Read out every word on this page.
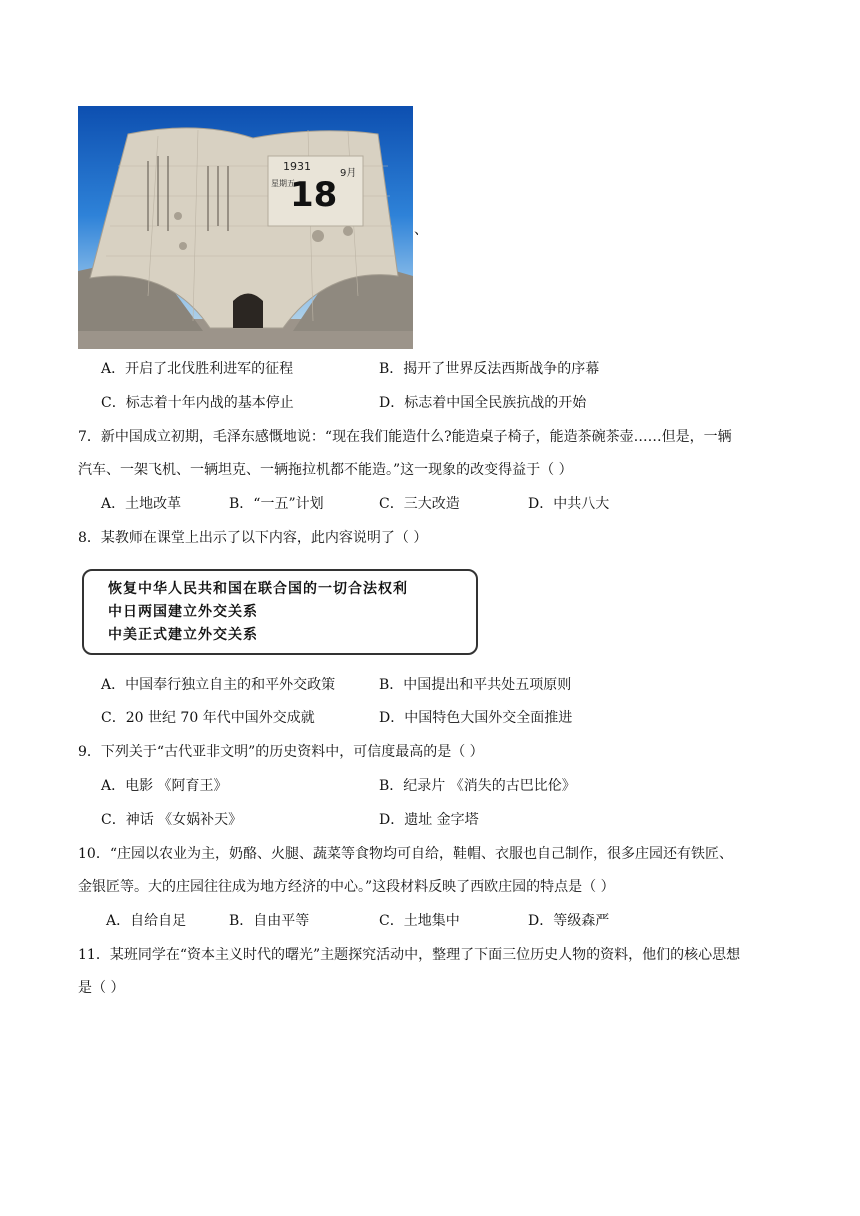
1931
18
9月
星期五
、
A．开启了北伐胜利进军的征程	B．揭开了世界反法西斯战争的序幕
C．标志着十年内战的基本停止	D．标志着中国全民族抗战的开始
7．新中国成立初期，毛泽东感慨地说：“现在我们能造什么?能造桌子椅子，能造茶碗茶壶……但是，一辆
汽车、一架飞机、一辆坦克、一辆拖拉机都不能造。”这一现象的改变得益于（ ）
A．土地改革	B．“一五”计划	C．三大改造	D．中共八大
8．某教师在课堂上出示了以下内容，此内容说明了（ ）
恢复中华人民共和国在联合国的一切合法权利
中日两国建立外交关系
中美正式建立外交关系
A．中国奉行独立自主的和平外交政策	B．中国提出和平共处五项原则
C．20 世纪 70 年代中国外交成就	D．中国特色大国外交全面推进
9．下列关于“古代亚非文明”的历史资料中，可信度最高的是（ ）
A．电影 《阿育王》	B．纪录片 《消失的古巴比伦》
C．神话 《女娲补天》	D．遗址 金字塔
10．“庄园以农业为主，奶酪、火腿、蔬菜等食物均可自给，鞋帽、衣服也自己制作，很多庄园还有铁匠、
金银匠等。大的庄园往往成为地方经济的中心。”这段材料反映了西欧庄园的特点是（ ）
A．自给自足	B．自由平等	C．土地集中	D．等级森严
11．某班同学在“资本主义时代的曙光”主题探究活动中，整理了下面三位历史人物的资料，他们的核心思想
是（ ）
